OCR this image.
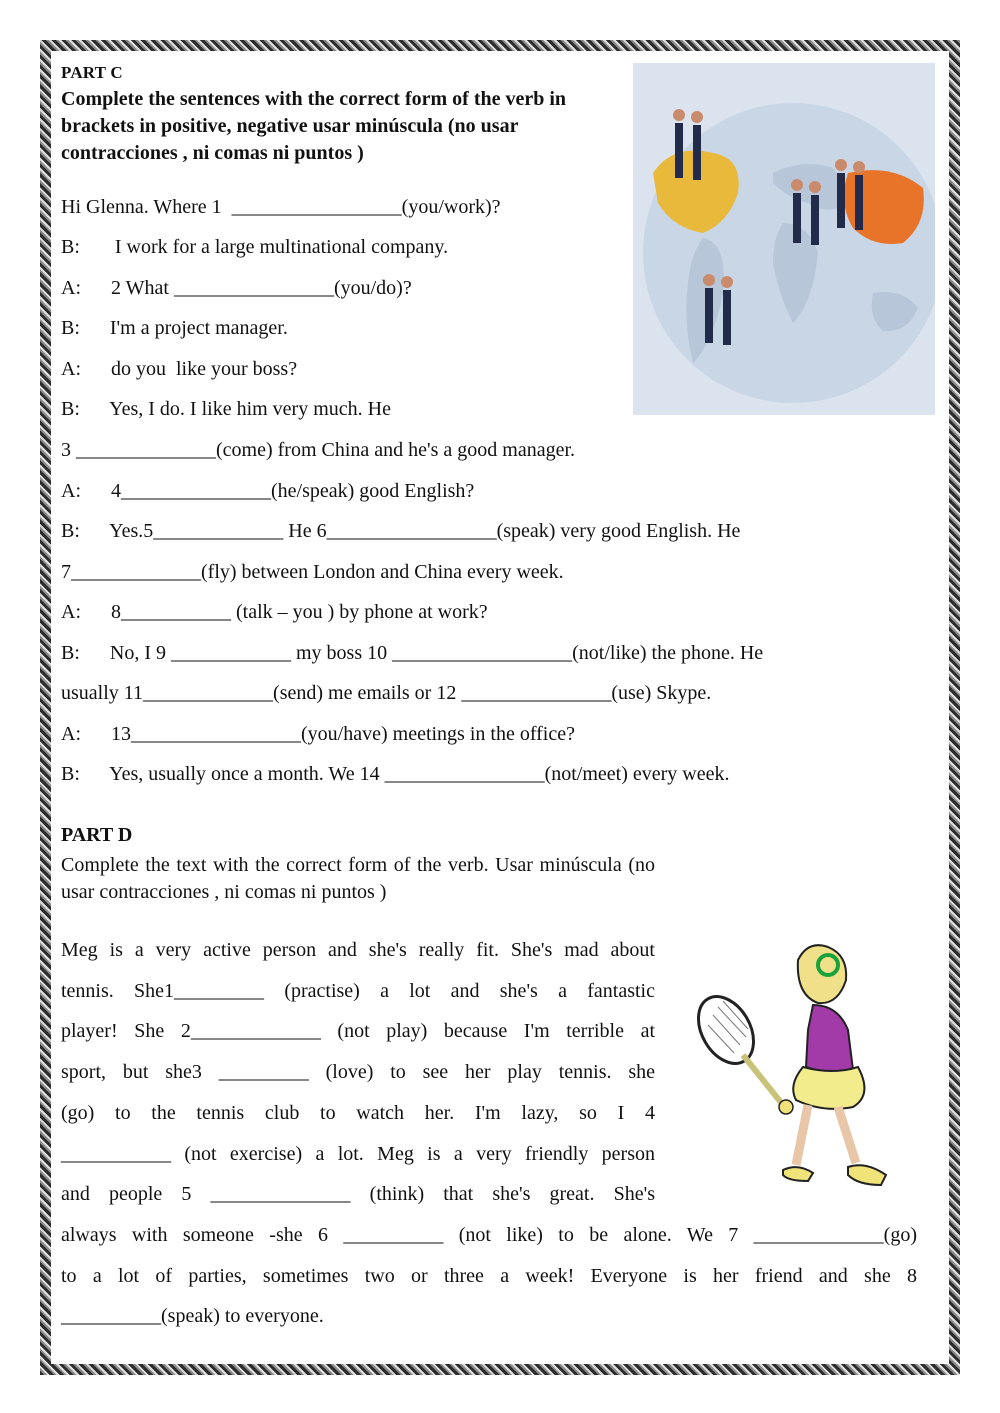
PART C
Complete the sentences with the correct form of the verb in brackets in positive, negative usar minúscula (no usar contracciones , ni comas ni puntos )
Hi Glenna. Where 1  _________________(you/work)?
B:       I work for a large multinational company.
A:      2 What ________________(you/do)?
B:      I'm a project manager.
A:      do you  like your boss?
B:      Yes, I do. I like him very much. He
3 ______________(come) from China and he's a good manager.
A:      4_______________(he/speak) good English?
B:      Yes.5_____________ He 6_________________(speak) very good English. He
7_____________(fly) between London and China every week.
A:      8___________ (talk – you ) by phone at work?
B:      No, I 9 ____________ my boss 10 __________________(not/like) the phone. He
usually 11_____________(send) me emails or 12 _______________(use) Skype.
A:      13_________________(you/have) meetings in the office?
B:      Yes, usually once a month. We 14 ________________(not/meet) every week.
PART D
Complete the text with the correct form of the verb. Usar minúscula (no usar contracciones , ni comas ni puntos )
Meg is a very active person and she's really fit. She's mad about
tennis. She1_________ (practise) a lot and she's a fantastic
player! She 2_____________ (not play) because I'm terrible at
sport, but she3 _________ (love) to see her play tennis. she
(go) to the tennis club to watch her. I'm lazy, so I 4
___________ (not exercise) a lot. Meg is a very friendly person
and people 5 ______________ (think) that she's great. She's
always with someone -she 6 __________ (not like) to be alone. We 7 _____________(go)
to a lot of parties, sometimes two or three a week! Everyone is her friend and she 8
__________(speak) to everyone.
